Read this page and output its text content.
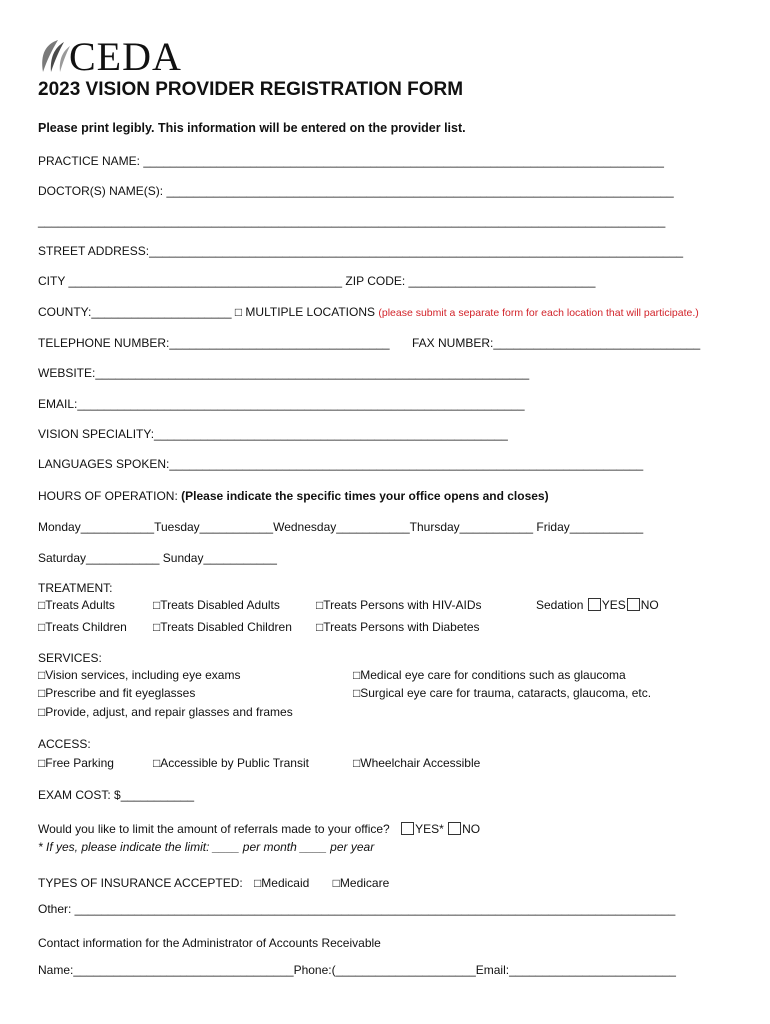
CEDA
2023 VISION PROVIDER REGISTRATION FORM
Please print legibly. This information will be entered on the provider list.
PRACTICE NAME: ______________________________________________________________________________
DOCTOR(S) NAME(S): ____________________________________________________________________________
______________________________________________________________________________________________
STREET ADDRESS:________________________________________________________________________________
CITY _________________________________________ ZIP CODE: ____________________________
COUNTY:_____________________ □ MULTIPLE LOCATIONS (please submit a separate form for each location that will participate.)
TELEPHONE NUMBER:_________________________________ FAX NUMBER:_______________________________
WEBSITE:_________________________________________________________________
EMAIL:___________________________________________________________________
VISION SPECIALITY:_____________________________________________________
LANGUAGES SPOKEN:_______________________________________________________________________
HOURS OF OPERATION: (Please indicate the specific times your office opens and closes)
Monday___________Tuesday___________Wednesday___________Thursday___________ Friday___________
Saturday___________ Sunday___________
TREATMENT:
□Treats Adults	□Treats Disabled Adults	□Treats Persons with HIV-AIDs	Sedation YES NO
□Treats Children □Treats Disabled Children □Treats Persons with Diabetes
SERVICES:
□Vision services, including eye exams	□Medical eye care for conditions such as glaucoma
□Prescribe and fit eyeglasses	□Surgical eye care for trauma, cataracts, glaucoma, etc.
□Provide, adjust, and repair glasses and frames
ACCESS:
□Free Parking	□Accessible by Public Transit	□Wheelchair Accessible
EXAM COST: $___________
Would you like to limit the amount of referrals made to your office? YES* NO
* If yes, please indicate the limit: ____ per month ____ per year
TYPES OF INSURANCE ACCEPTED: □Medicaid □Medicare
Other: __________________________________________________________________________________________
Contact information for the Administrator of Accounts Receivable
Name:_________________________________Phone:(_____________________Email:_________________________
